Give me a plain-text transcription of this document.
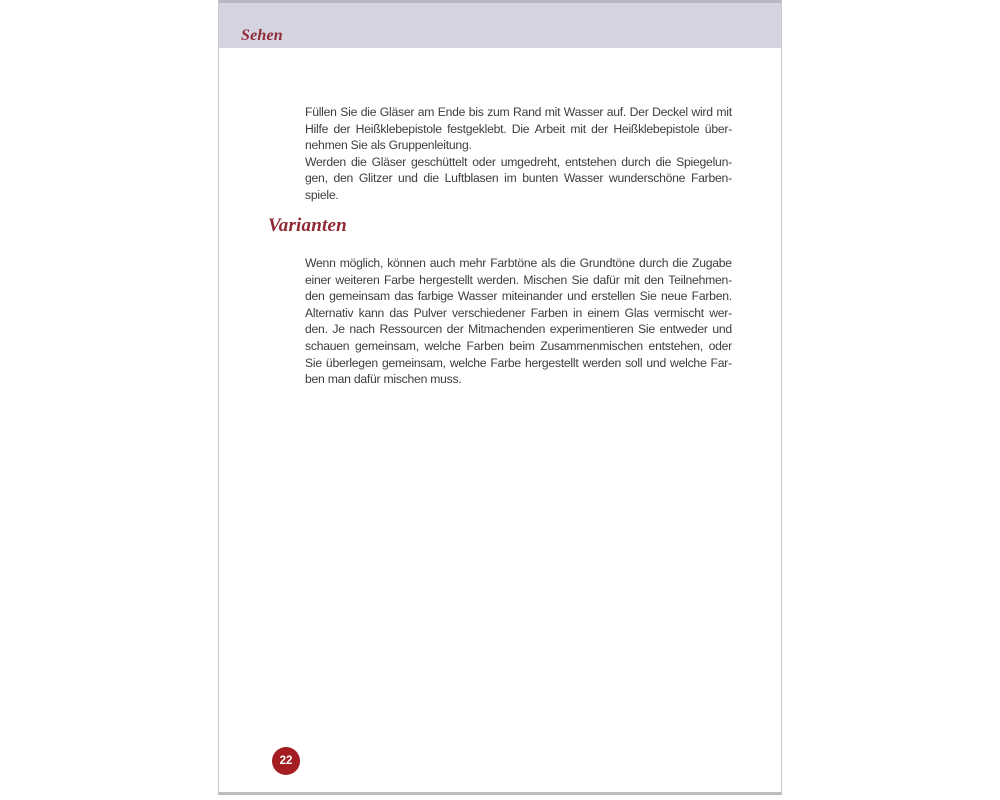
Sehen
Füllen Sie die Gläser am Ende bis zum Rand mit Wasser auf. Der Deckel wird mit
Hilfe der Heißklebepistole festgeklebt. Die Arbeit mit der Heißklebepistole über-
nehmen Sie als Gruppenleitung.
Werden die Gläser geschüttelt oder umgedreht, entstehen durch die Spiegelun-
gen, den Glitzer und die Luftblasen im bunten Wasser wunderschöne Farben-
spiele.
Varianten
Wenn möglich, können auch mehr Farbtöne als die Grundtöne durch die Zugabe
einer weiteren Farbe hergestellt werden. Mischen Sie dafür mit den Teilnehmen-
den gemeinsam das farbige Wasser miteinander und erstellen Sie neue Farben.
Alternativ kann das Pulver verschiedener Farben in einem Glas vermischt wer-
den. Je nach Ressourcen der Mitmachenden experimentieren Sie entweder und
schauen gemeinsam, welche Farben beim Zusammenmischen entstehen, oder
Sie überlegen gemeinsam, welche Farbe hergestellt werden soll und welche Far-
ben man dafür mischen muss.
22
